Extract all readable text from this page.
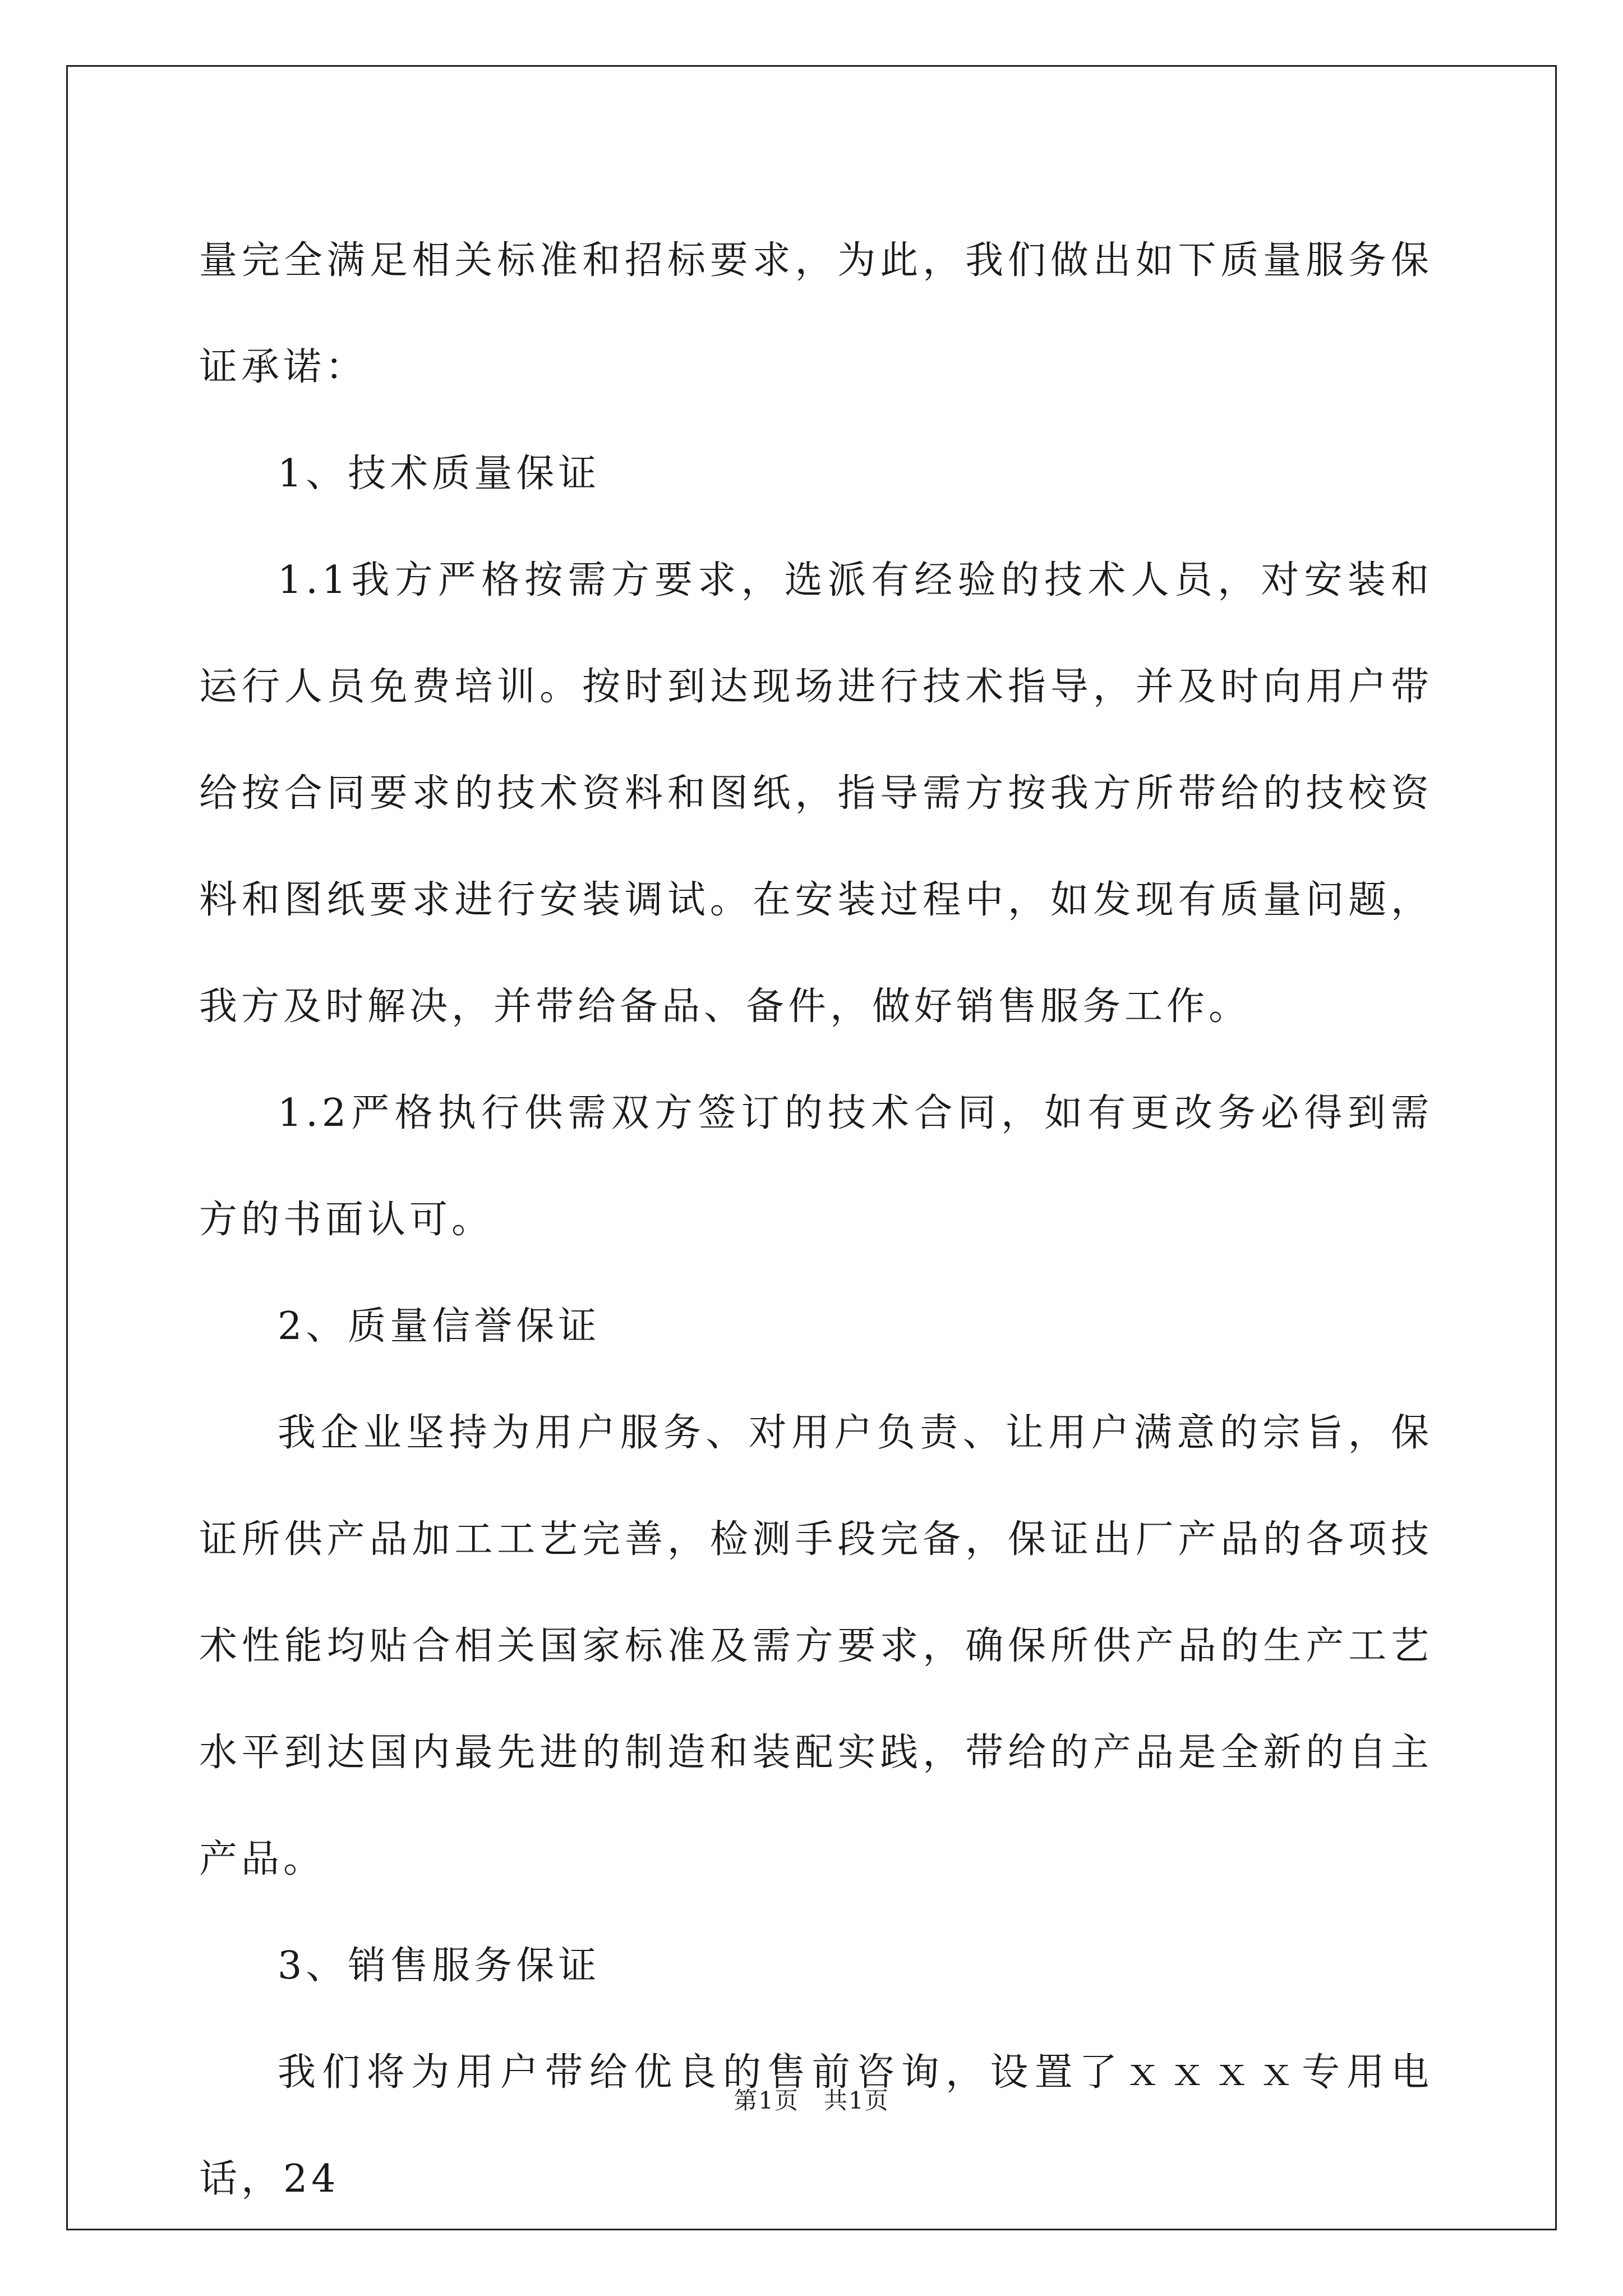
量完全满足相关标准和招标要求，为此，我们做出如下质量服务保证承诺：

1、技术质量保证

1.1我方严格按需方要求，选派有经验的技术人员，对安装和运行人员免费培训。按时到达现场进行技术指导，并及时向用户带给按合同要求的技术资料和图纸，指导需方按我方所带给的技校资料和图纸要求进行安装调试。在安装过程中，如发现有质量问题，我方及时解决，并带给备品、备件，做好销售服务工作。

1.2严格执行供需双方签订的技术合同，如有更改务必得到需方的书面认可。

2、质量信誉保证

我企业坚持为用户服务、对用户负责、让用户满意的宗旨，保证所供产品加工工艺完善，检测手段完备，保证出厂产品的各项技术性能均贴合相关国家标准及需方要求，确保所供产品的生产工艺水平到达国内最先进的制造和装配实践，带给的产品是全新的自主产品。

3、销售服务保证

我们将为用户带给优良的售前咨询，设置了ｘｘｘｘ专用电话，24

第1页　共1页
